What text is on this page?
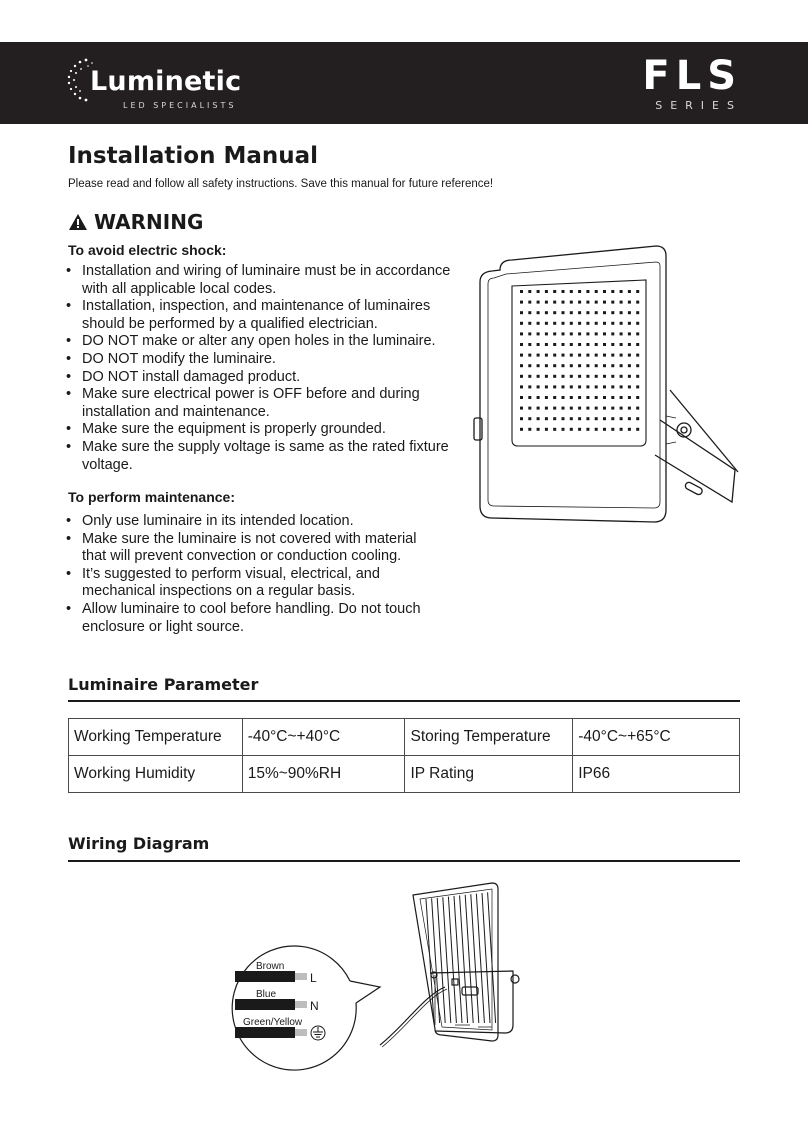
Luminetic
LED SPECIALISTS
FLS
SERIES
Installation Manual
Please read and follow all safety instructions. Save this manual for future reference!
WARNING
To avoid electric shock:
• Installation and wiring of luminaire must be in accordance with all applicable local codes.
• Installation, inspection, and maintenance of luminaires should be performed by a qualified electrician.
• DO NOT make or alter any open holes in the luminaire.
• DO NOT modify the luminaire.
• DO NOT install damaged product.
• Make sure electrical power is OFF before and during installation and maintenance.
• Make sure the equipment is properly grounded.
• Make sure the supply voltage is same as the rated fixture voltage.
To perform maintenance:
• Only use luminaire in its intended location.
• Make sure the luminaire is not covered with material that will prevent convection or conduction cooling.
• It’s suggested to perform visual, electrical, and mechanical inspections on a regular basis.
• Allow luminaire to cool before handling. Do not touch enclosure or light source.
Luminaire Parameter
Working Temperature	-40°C~+40°C	Storing Temperature	-40°C~+65°C
Working Humidity	15%~90%RH	IP Rating	IP66
Wiring Diagram
Brown
Blue
Green/Yellow
L
N
